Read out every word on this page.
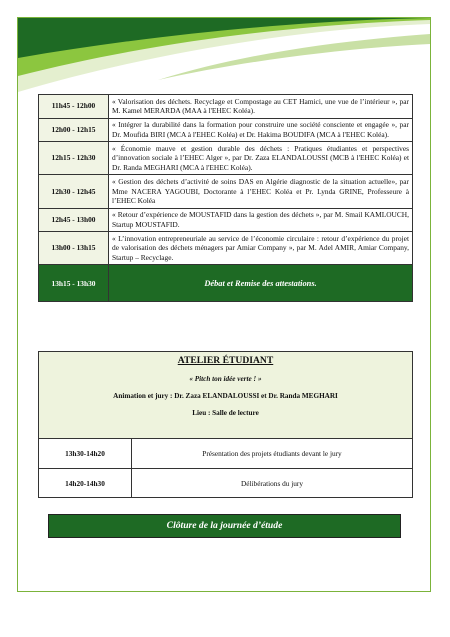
11h45 - 12h00	« Valorisation des déchets. Recyclage et Compostage au CET Hamici, une vue de l’intérieur », par M. Kamel MERARDA (MAA à l'EHEC Koléa).
12h00 - 12h15	« Intégrer la durabilité dans la formation pour construire une société consciente et engagée », par Dr. Moufida BIRI (MCA à l'EHEC Koléa) et Dr. Hakima BOUDIFA (MCA à l'EHEC Koléa).
12h15 - 12h30	« Économie mauve et gestion durable des déchets : Pratiques étudiantes et perspectives d’innovation sociale à l’EHEC Alger », par Dr. Zaza ELANDALOUSSI (MCB à l'EHEC Koléa) et Dr. Randa MEGHARI (MCA à l'EHEC Koléa).
12h30 - 12h45	« Gestion des déchets d’activité de soins DAS en Algérie diagnostic de la situation actuelle», par Mme NACERA YAGOUBI, Doctorante à l’EHEC Koléa et Pr. Lynda GRINE, Professeure à l’EHEC Koléa
12h45 - 13h00	« Retour d’expérience de MOUSTAFID dans la gestion des déchets », par M. Smail KAMLOUCH, Startup MOUSTAFID.
13h00 - 13h15	« L’innovation entrepreneuriale au service de l’économie circulaire : retour d’expérience du projet de valorisation des déchets ménagers par Amiar Company », par M. Adel AMIR, Amiar Company, Startup – Recyclage.
13h15 - 13h30	Débat et Remise des attestations.
ATELIER ÉTUDIANT
« Pitch ton idée verte ! »
Animation et jury : Dr. Zaza ELANDALOUSSI et Dr. Randa MEGHARI
Lieu : Salle de lecture
13h30-14h20	Présentation des projets étudiants devant le jury
14h20-14h30	Délibérations du jury
Clôture de la journée d’étude
